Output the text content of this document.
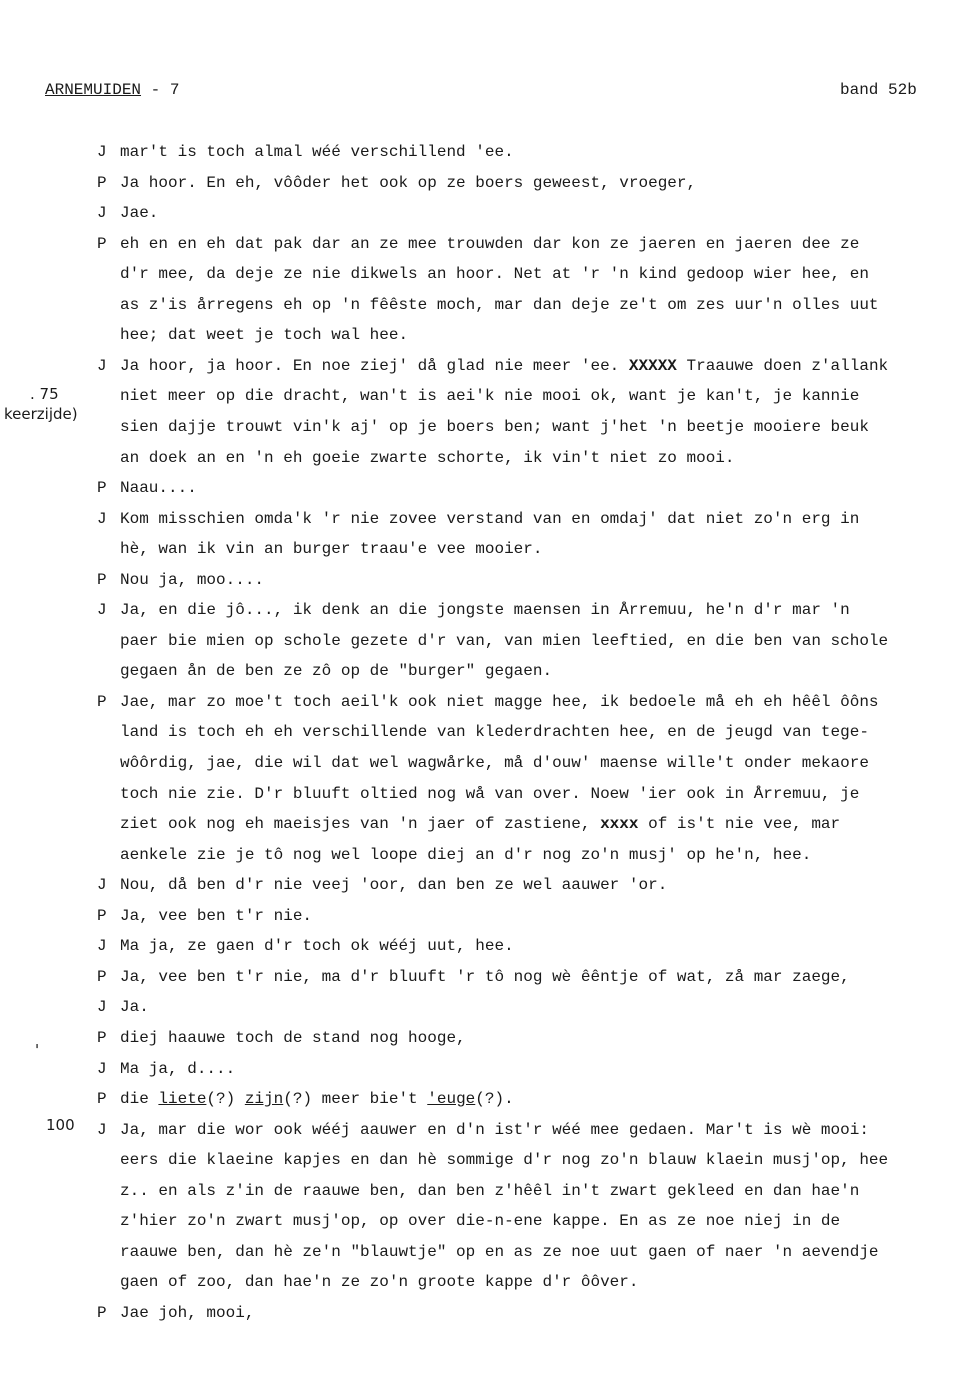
ARNEMUIDEN - 7	band 52b
. 75
keerzijde)
100
'
J mar't is toch almal wéé verschillend 'ee.
P Ja hoor. En eh, vôôder het ook op ze boers geweest, vroeger,
J Jae.
P eh en en eh dat pak dar an ze mee trouwden dar kon ze jaeren en jaeren dee ze
d'r mee, da deje ze nie dikwels an hoor. Net at 'r 'n kind gedoop wier hee, en
as z'is årregens eh op 'n fêêste moch, mar dan deje ze't om zes uur'n olles uut
hee; dat weet je toch wal hee.
J Ja hoor, ja hoor. En noe ziej' då glad nie meer 'ee. XXXXX Traauwe doen z'allank
niet meer op die dracht, wan't is aei'k nie mooi ok, want je kan't, je kannie
sien dajje trouwt vin'k aj' op je boers ben; want j'het 'n beetje mooiere beuk
an doek an en 'n eh goeie zwarte schorte, ik vin't niet zo mooi.
P Naau....
J Kom misschien omda'k 'r nie zovee verstand van en omdaj' dat niet zo'n erg in
hè, wan ik vin an burger traau'e vee mooier.
P Nou ja, moo....
J Ja, en die jô..., ik denk an die jongste maensen in Årremuu, he'n d'r mar 'n
paer bie mien op schole gezete d'r van, van mien leeftied, en die ben van schole
gegaen ån de ben ze zô op de "burger" gegaen.
P Jae, mar zo moe't toch aeil'k ook niet magge hee, ik bedoele må eh eh hêêl ôôns
land is toch eh eh verschillende van klederdrachten hee, en de jeugd van tege-
wôôrdig, jae, die wil dat wel wagwårke, må d'ouw' maense wille't onder mekaore
toch nie zie. D'r bluuft oltied nog wå van over. Noew 'ier ook in Årremuu, je
ziet ook nog eh maeisjes van 'n jaer of zastiene, xxxx of is't nie vee, mar
aenkele zie je tô nog wel loope diej an d'r nog zo'n musj' op he'n, hee.
J Nou, då ben d'r nie veej 'oor, dan ben ze wel aauwer 'or.
P Ja, vee ben t'r nie.
J Ma ja, ze gaen d'r toch ok wééj uut, hee.
P Ja, vee ben t'r nie, ma d'r bluuft 'r tô nog wè êêntje of wat, zå mar zaege,
J Ja.
P diej haauwe toch de stand nog hooge,
J Ma ja, d....
P die liete(?) zijn(?) meer bie't 'euge(?).
J Ja, mar die wor ook wééj aauwer en d'n ist'r wéé mee gedaen. Mar't is wè mooi:
eers die klaeine kapjes en dan hè sommige d'r nog zo'n blauw klaein musj'op, hee
z.. en als z'in de raauwe ben, dan ben z'hêêl in't zwart gekleed en dan hae'n
z'hier zo'n zwart musj'op, op over die-n-ene kappe. En as ze noe niej in de
raauwe ben, dan hè ze'n "blauwtje" op en as ze noe uut gaen of naer 'n aevendje
gaen of zoo, dan hae'n ze zo'n groote kappe d'r ôôver.
P Jae joh, mooi,
